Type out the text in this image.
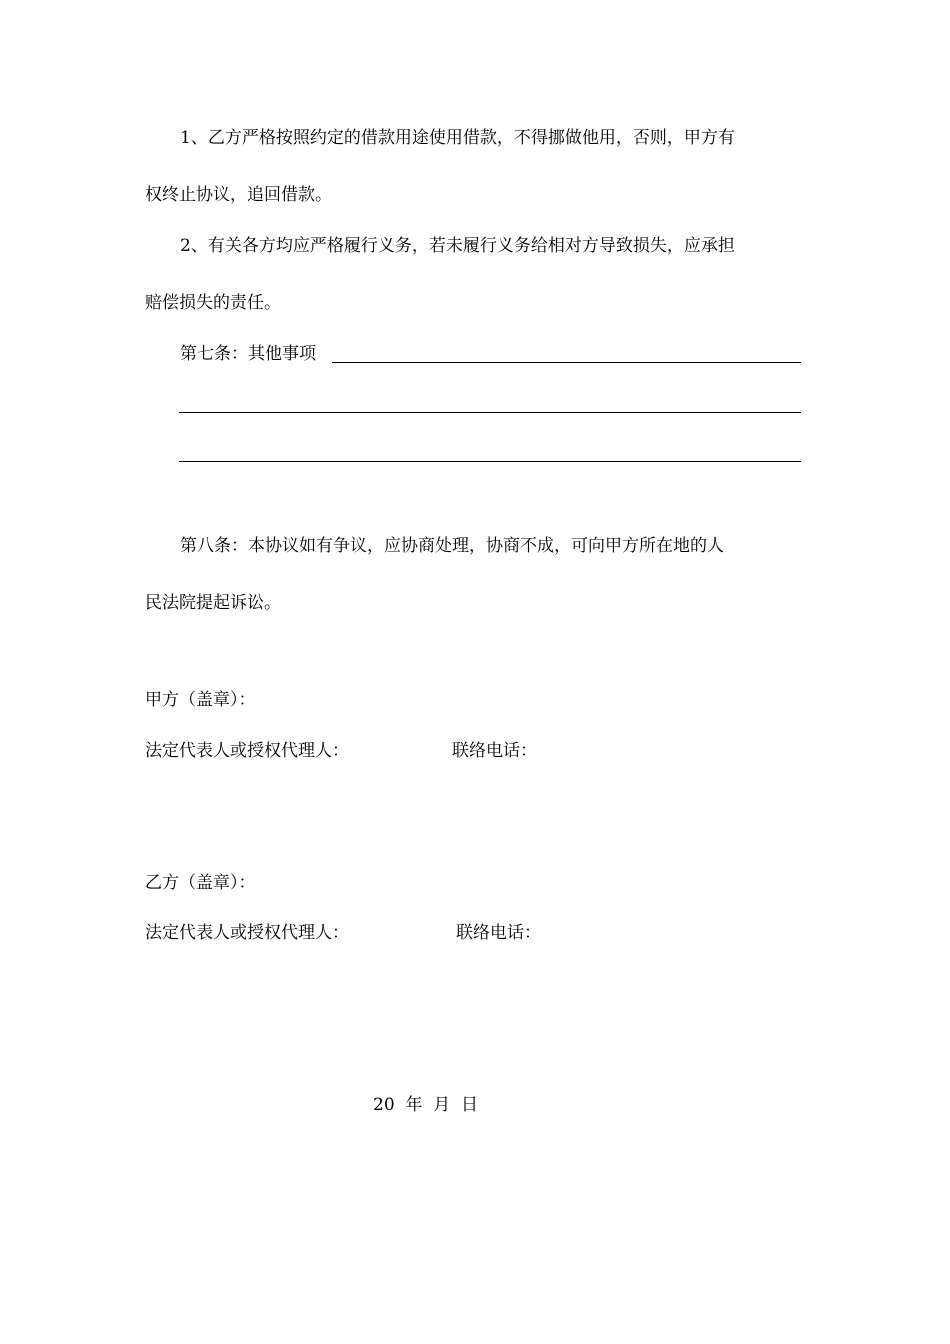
1、乙方严格按照约定的借款用途使用借款，不得挪做他用，否则，甲方有
权终止协议，追回借款。
2、有关各方均应严格履行义务，若未履行义务给相对方导致损失，应承担
赔偿损失的责任。
第七条：其他事项
第八条：本协议如有争议，应协商处理，协商不成，可向甲方所在地的人
民法院提起诉讼。
甲方（盖章）：
法定代表人或授权代理人：	联络电话：
乙方（盖章）：
法定代表人或授权代理人：	联络电话：
20  年  月  日
